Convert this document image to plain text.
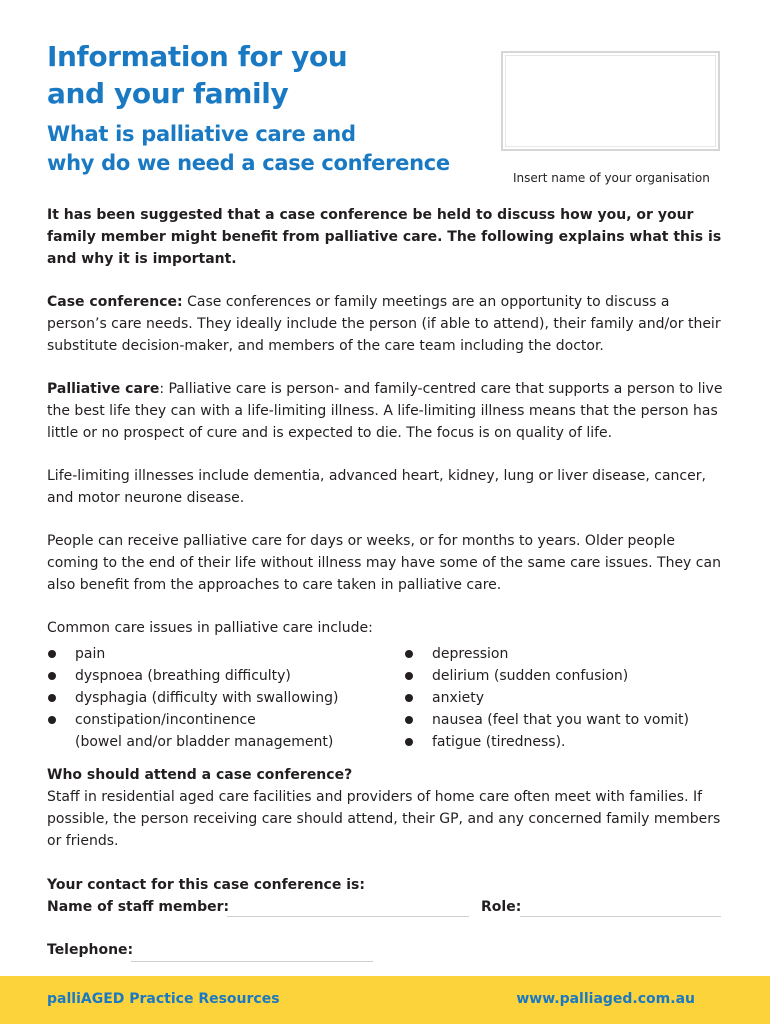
Information for you
and your family
What is palliative care and
why do we need a case conference
Insert name of your organisation

It has been suggested that a case conference be held to discuss how you, or your family member might benefit from palliative care. The following explains what this is and why it is important.

Case conference: Case conferences or family meetings are an opportunity to discuss a person’s care needs. They ideally include the person (if able to attend), their family and/or their substitute decision-maker, and members of the care team including the doctor.

Palliative care: Palliative care is person- and family-centred care that supports a person to live the best life they can with a life-limiting illness. A life-limiting illness means that the person has little or no prospect of cure and is expected to die. The focus is on quality of life.

Life-limiting illnesses include dementia, advanced heart, kidney, lung or liver disease, cancer, and motor neurone disease.

People can receive palliative care for days or weeks, or for months to years. Older people coming to the end of their life without illness may have some of the same care issues. They can also benefit from the approaches to care taken in palliative care.

Common care issues in palliative care include:

pain
dyspnoea (breathing difficulty)
dysphagia (difficulty with swallowing)
constipation/incontinence
(bowel and/or bladder management)
depression
delirium (sudden confusion)
anxiety
nausea (feel that you want to vomit)
fatigue (tiredness).

Who should attend a case conference?
Staff in residential aged care facilities and providers of home care often meet with families. If possible, the person receiving care should attend, their GP, and any concerned family members or friends.

Your contact for this case conference is:
Name of staff member:	Role:
Telephone:
palliAGED Practice Resources	www.palliaged.com.au
